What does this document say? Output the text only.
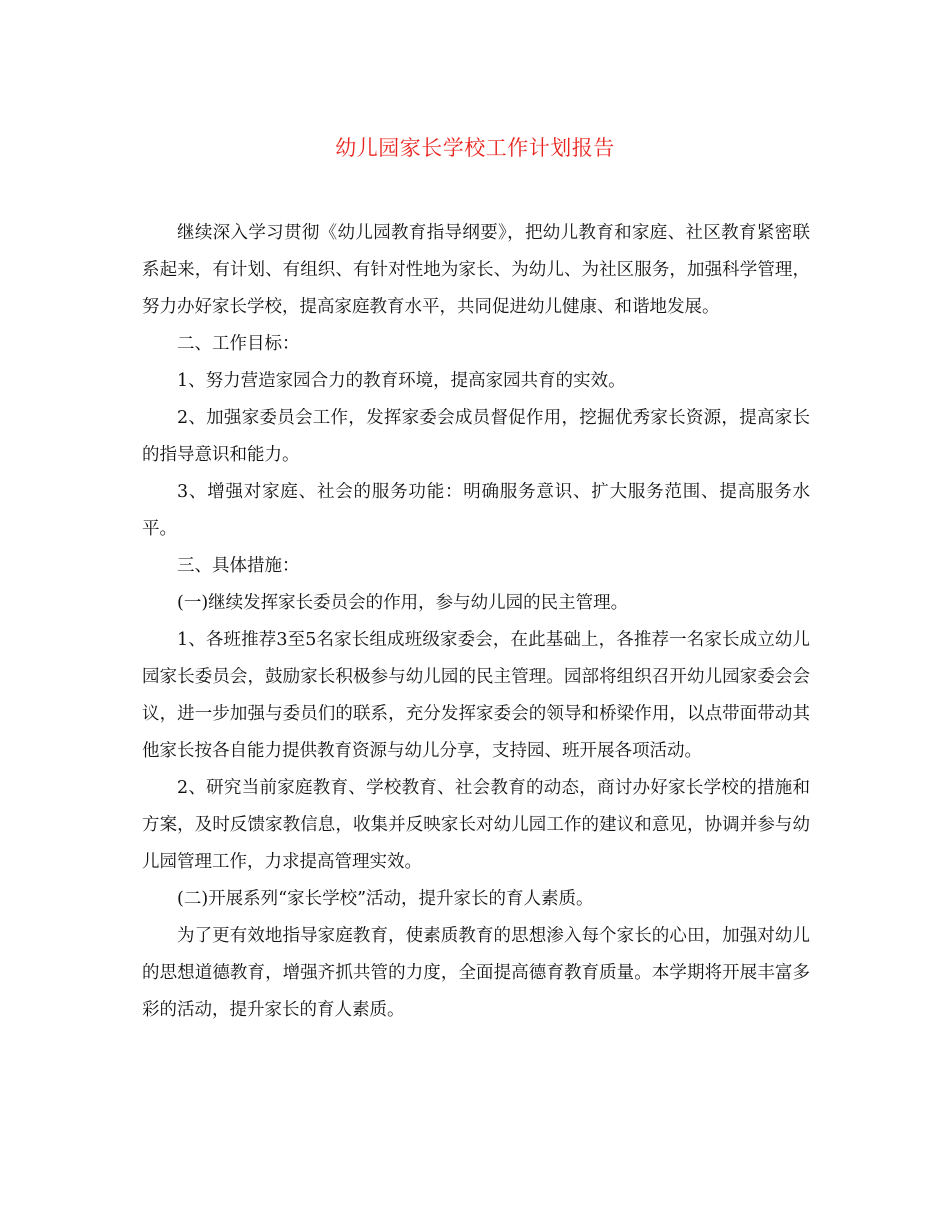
幼儿园家长学校工作计划报告

继续深入学习贯彻《幼儿园教育指导纲要》，把幼儿教育和家庭、社区教育紧密联系起来，有计划、有组织、有针对性地为家长、为幼儿、为社区服务，加强科学管理，努力办好家长学校，提高家庭教育水平，共同促进幼儿健康、和谐地发展。

二、工作目标：

1、努力营造家园合力的教育环境，提高家园共育的实效。

2、加强家委员会工作，发挥家委会成员督促作用，挖掘优秀家长资源，提高家长的指导意识和能力。

3、增强对家庭、社会的服务功能：明确服务意识、扩大服务范围、提高服务水平。

三、具体措施：

(一)继续发挥家长委员会的作用，参与幼儿园的民主管理。

1、各班推荐3至5名家长组成班级家委会，在此基础上，各推荐一名家长成立幼儿园家长委员会，鼓励家长积极参与幼儿园的民主管理。园部将组织召开幼儿园家委会会议，进一步加强与委员们的联系，充分发挥家委会的领导和桥梁作用，以点带面带动其他家长按各自能力提供教育资源与幼儿分享，支持园、班开展各项活动。

2、研究当前家庭教育、学校教育、社会教育的动态，商讨办好家长学校的措施和方案，及时反馈家教信息，收集并反映家长对幼儿园工作的建议和意见，协调并参与幼儿园管理工作，力求提高管理实效。

(二)开展系列“家长学校”活动，提升家长的育人素质。

为了更有效地指导家庭教育，使素质教育的思想渗入每个家长的心田，加强对幼儿的思想道德教育，增强齐抓共管的力度，全面提高德育教育质量。本学期将开展丰富多彩的活动，提升家长的育人素质。
